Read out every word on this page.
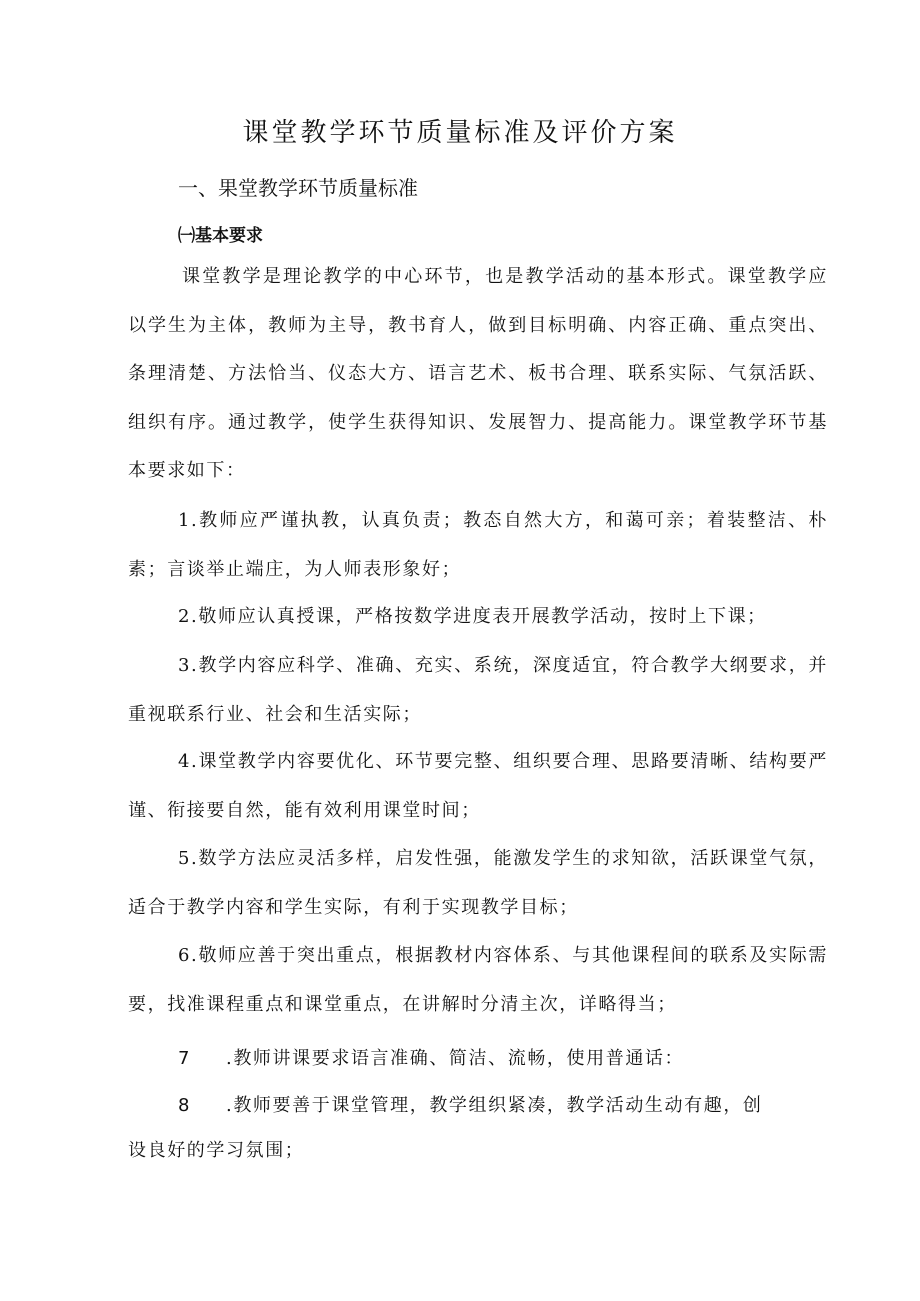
课堂教学环节质量标准及评价方案
一、果堂教学环节质量标准
㈠基本要求

课堂教学是理论教学的中心环节，也是教学活动的基本形式。课堂教学应以学生为主体，教师为主导，教书育人，做到目标明确、内容正确、重点突出、条理清楚、方法恰当、仪态大方、语言艺术、板书合理、联系实际、气氛活跃、组织有序。通过教学，使学生获得知识、发展智力、提高能力。课堂教学环节基本要求如下：

1.教师应严谨执教，认真负责；教态自然大方，和蔼可亲；着装整洁、朴素；言谈举止端庄，为人师表形象好；

2.敬师应认真授课，严格按数学进度表开展教学活动，按时上下课；

3.教学内容应科学、准确、充实、系统，深度适宜，符合教学大纲要求，并重视联系行业、社会和生活实际；

4.课堂教学内容要优化、环节要完整、组织要合理、思路要清晰、结构要严谨、衔接要自然，能有效利用课堂时间；

5.数学方法应灵活多样，启发性强，能激发学生的求知欲，活跃课堂气氛，适合于教学内容和学生实际，有利于实现教学目标；

6.敬师应善于突出重点，根据教材内容体系、与其他课程间的联系及实际需要，找准课程重点和课堂重点，在讲解时分清主次，详略得当；

7 .教师讲课要求语言准确、简洁、流畅，使用普通话：
8 .教师要善于课堂管理，教学组织紧凑，教学活动生动有趣，创
设良好的学习氛围；
